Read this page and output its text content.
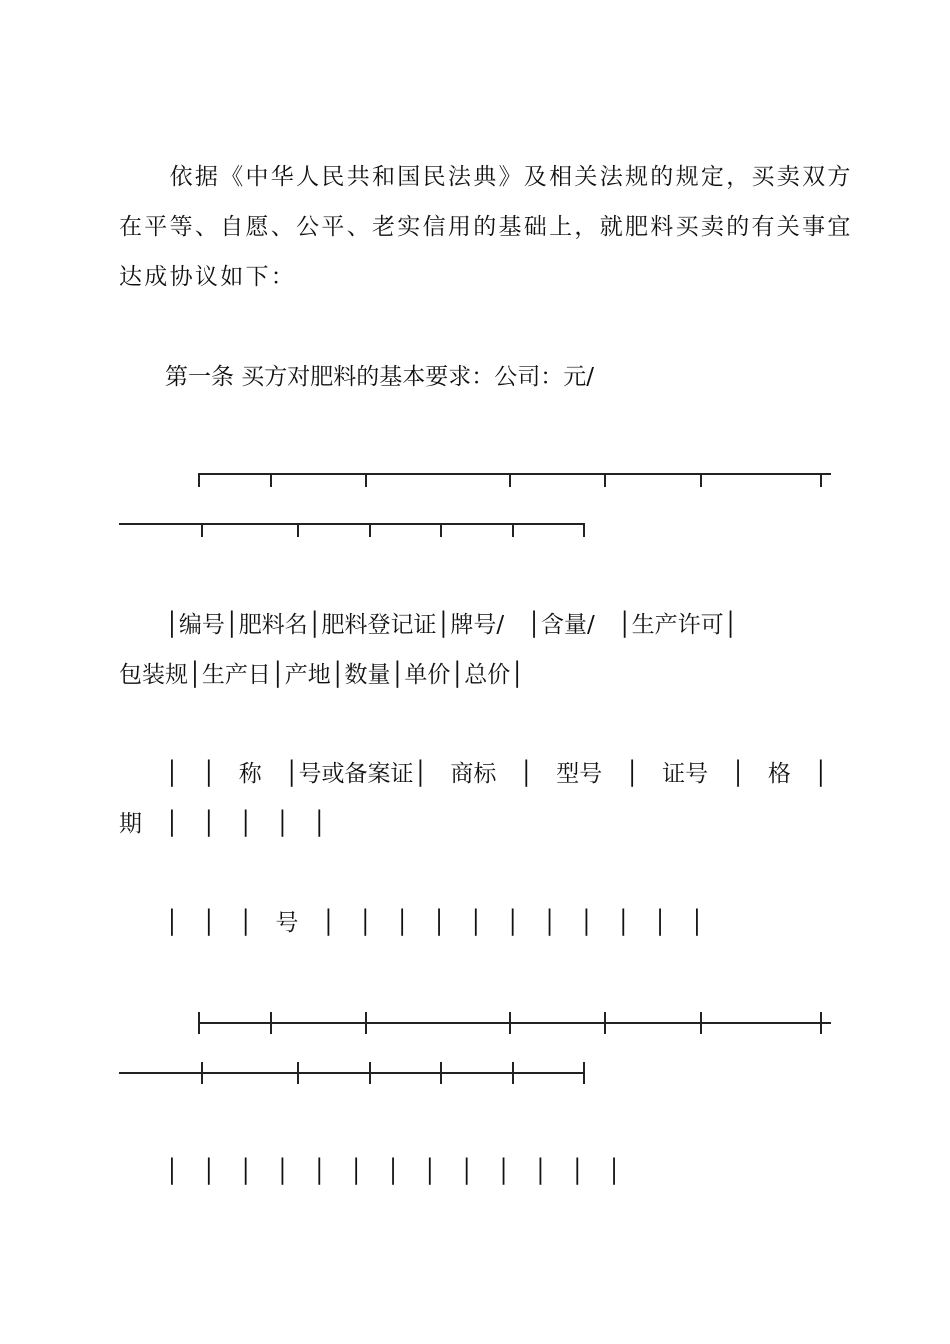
　　依据《中华人民共和国民法典》及相关法规的规定，买卖双方
在平等、自愿、公平、老实信用的基础上，就肥料买卖的有关事宜
达成协议如下：
　　第一条 买方对肥料的基本要求：公司：元/
　　│编号│肥料名│肥料登记证│牌号/　│含量/　│生产许可│
包装规│生产日│产地│数量│单价│总价│
　　│　│　称　│号或备案证│　商标　│　型号　│　证号　│　格　│
期　│　│　│　│　│
　　│　│　│　号　│　│　│　│　│　│　│　│　│　│　│
　　│　│　│　│　│　│　│　│　│　│　│　│　│
